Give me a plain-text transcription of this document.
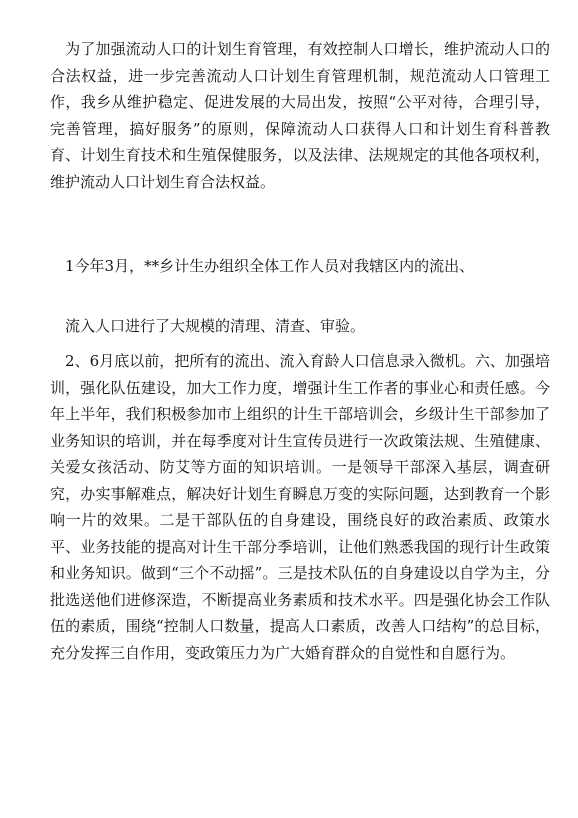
　为了加强流动人口的计划生育管理，有效控制人口增长，维护流动人口的合法权益，进一步完善流动人口计划生育管理机制，规范流动人口管理工作，我乡从维护稳定、促进发展的大局出发，按照“公平对待，合理引导，完善管理，搞好服务”的原则，保障流动人口获得人口和计划生育科普教育、计划生育技术和生殖保健服务，以及法律、法规规定的其他各项权利，维护流动人口计划生育合法权益。

　1今年3月，**乡计生办组织全体工作人员对我辖区内的流出、

　流入人口进行了大规模的清理、清查、审验。

　2、6月底以前，把所有的流出、流入育龄人口信息录入微机。六、加强培训，强化队伍建设，加大工作力度，增强计生工作者的事业心和责任感。今年上半年，我们积极参加市上组织的计生干部培训会，乡级计生干部参加了业务知识的培训，并在每季度对计生宣传员进行一次政策法规、生殖健康、关爱女孩活动、防艾等方面的知识培训。一是领导干部深入基层，调查研究，办实事解难点，解决好计划生育瞬息万变的实际问题，达到教育一个影响一片的效果。二是干部队伍的自身建设，围绕良好的政治素质、政策水平、业务技能的提高对计生干部分季培训，让他们熟悉我国的现行计生政策和业务知识。做到“三个不动摇”。三是技术队伍的自身建设以自学为主，分批选送他们进修深造，不断提高业务素质和技术水平。四是强化协会工作队伍的素质，围绕“控制人口数量，提高人口素质，改善人口结构”的总目标，充分发挥三自作用，变政策压力为广大婚育群众的自觉性和自愿行为。
